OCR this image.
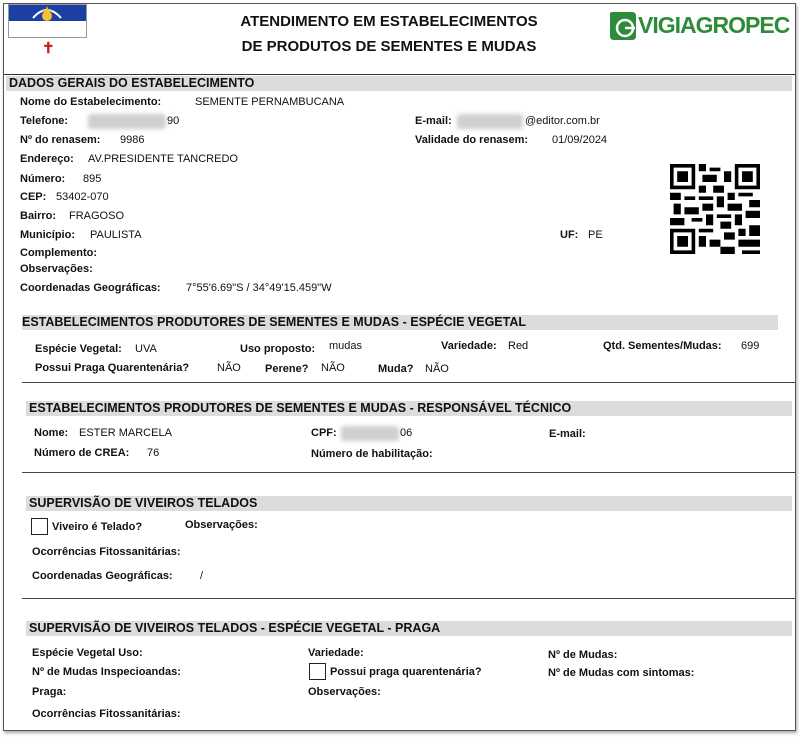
✝
ATENDIMENTO EM ESTABELECIMENTOS
DE PRODUTOS DE SEMENTES E MUDAS
VIGIAGROPEC
DADOS GERAIS DO ESTABELECIMENTO
Nome do Estabelecimento:	SEMENTE PERNAMBUCANA
Telefone:	90	E-mail:	@editor.com.br
Nº do renasem: 9986	Validade do renasem: 01/09/2024
Endereço: AV.PRESIDENTE TANCREDO
Número: 895
CEP: 53402-070
Bairro: FRAGOSO
Município: PAULISTA	UF: PE
Complemento:
Observações:
Coordenadas Geográficas: 7°55'6.69"S / 34°49'15.459"W
ESTABELECIMENTOS PRODUTORES DE SEMENTES E MUDAS - ESPÉCIE VEGETAL
Espécie Vegetal: UVA	Uso proposto: mudas	Variedade: Red	Qtd. Sementes/Mudas: 699
Possui Praga Quarentenária?	NÃO Perene? NÃO	Muda? NÃO
ESTABELECIMENTOS PRODUTORES DE SEMENTES E MUDAS - RESPONSÁVEL TÉCNICO
Nome: ESTER MARCELA	CPF:	06	E-mail:
Número de CREA: 76	Número de habilitação:
SUPERVISÃO DE VIVEIROS TELADOS
Viveiro é Telado?	Observações:
Ocorrências Fitossanitárias:
Coordenadas Geográficas: /
SUPERVISÃO DE VIVEIROS TELADOS - ESPÉCIE VEGETAL - PRAGA
Espécie Vegetal Uso:	Variedade:	Nº de Mudas:
Nº de Mudas Inspecioandas:	Possui praga quarentenária?	Nº de Mudas com sintomas:
Praga:	Observações:
Ocorrências Fitossanitárias:
